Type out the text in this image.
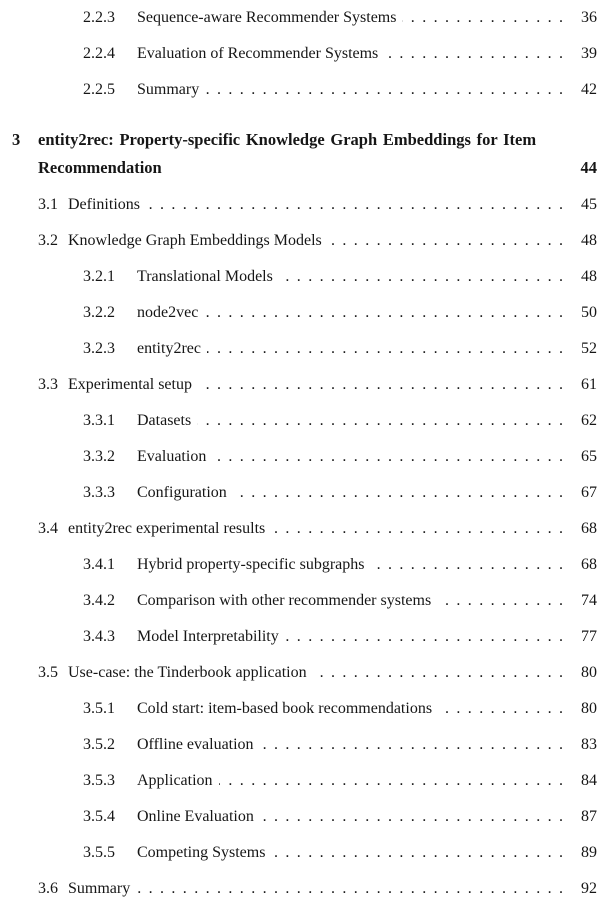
2.2.3	Sequence-aware Recommender Systems . . .	36
2.2.4	Evaluation of Recommender Systems . . .	39
2.2.5	Summary . . .	42
3	entity2rec: Property-specific Knowledge Graph Embeddings for Item
Recommendation	44
3.1 Definitions . . .	45
3.2 Knowledge Graph Embeddings Models . . .	48
3.2.1	Translational Models . . .	48
3.2.2	node2vec . . .	50
3.2.3	entity2rec . . .	52
3.3 Experimental setup . . .	61
3.3.1	Datasets . . .	62
3.3.2	Evaluation . . .	65
3.3.3	Configuration . . .	67
3.4 entity2rec experimental results . . .	68
3.4.1	Hybrid property-specific subgraphs . . .	68
3.4.2	Comparison with other recommender systems . . .	74
3.4.3	Model Interpretability . . .	77
3.5 Use-case: the Tinderbook application . . .	80
3.5.1	Cold start: item-based book recommendations . . .	80
3.5.2	Offline evaluation . . .	83
3.5.3	Application . . .	84
3.5.4	Online Evaluation . . .	87
3.5.5	Competing Systems . . .	89
3.6 Summary . . .	92
